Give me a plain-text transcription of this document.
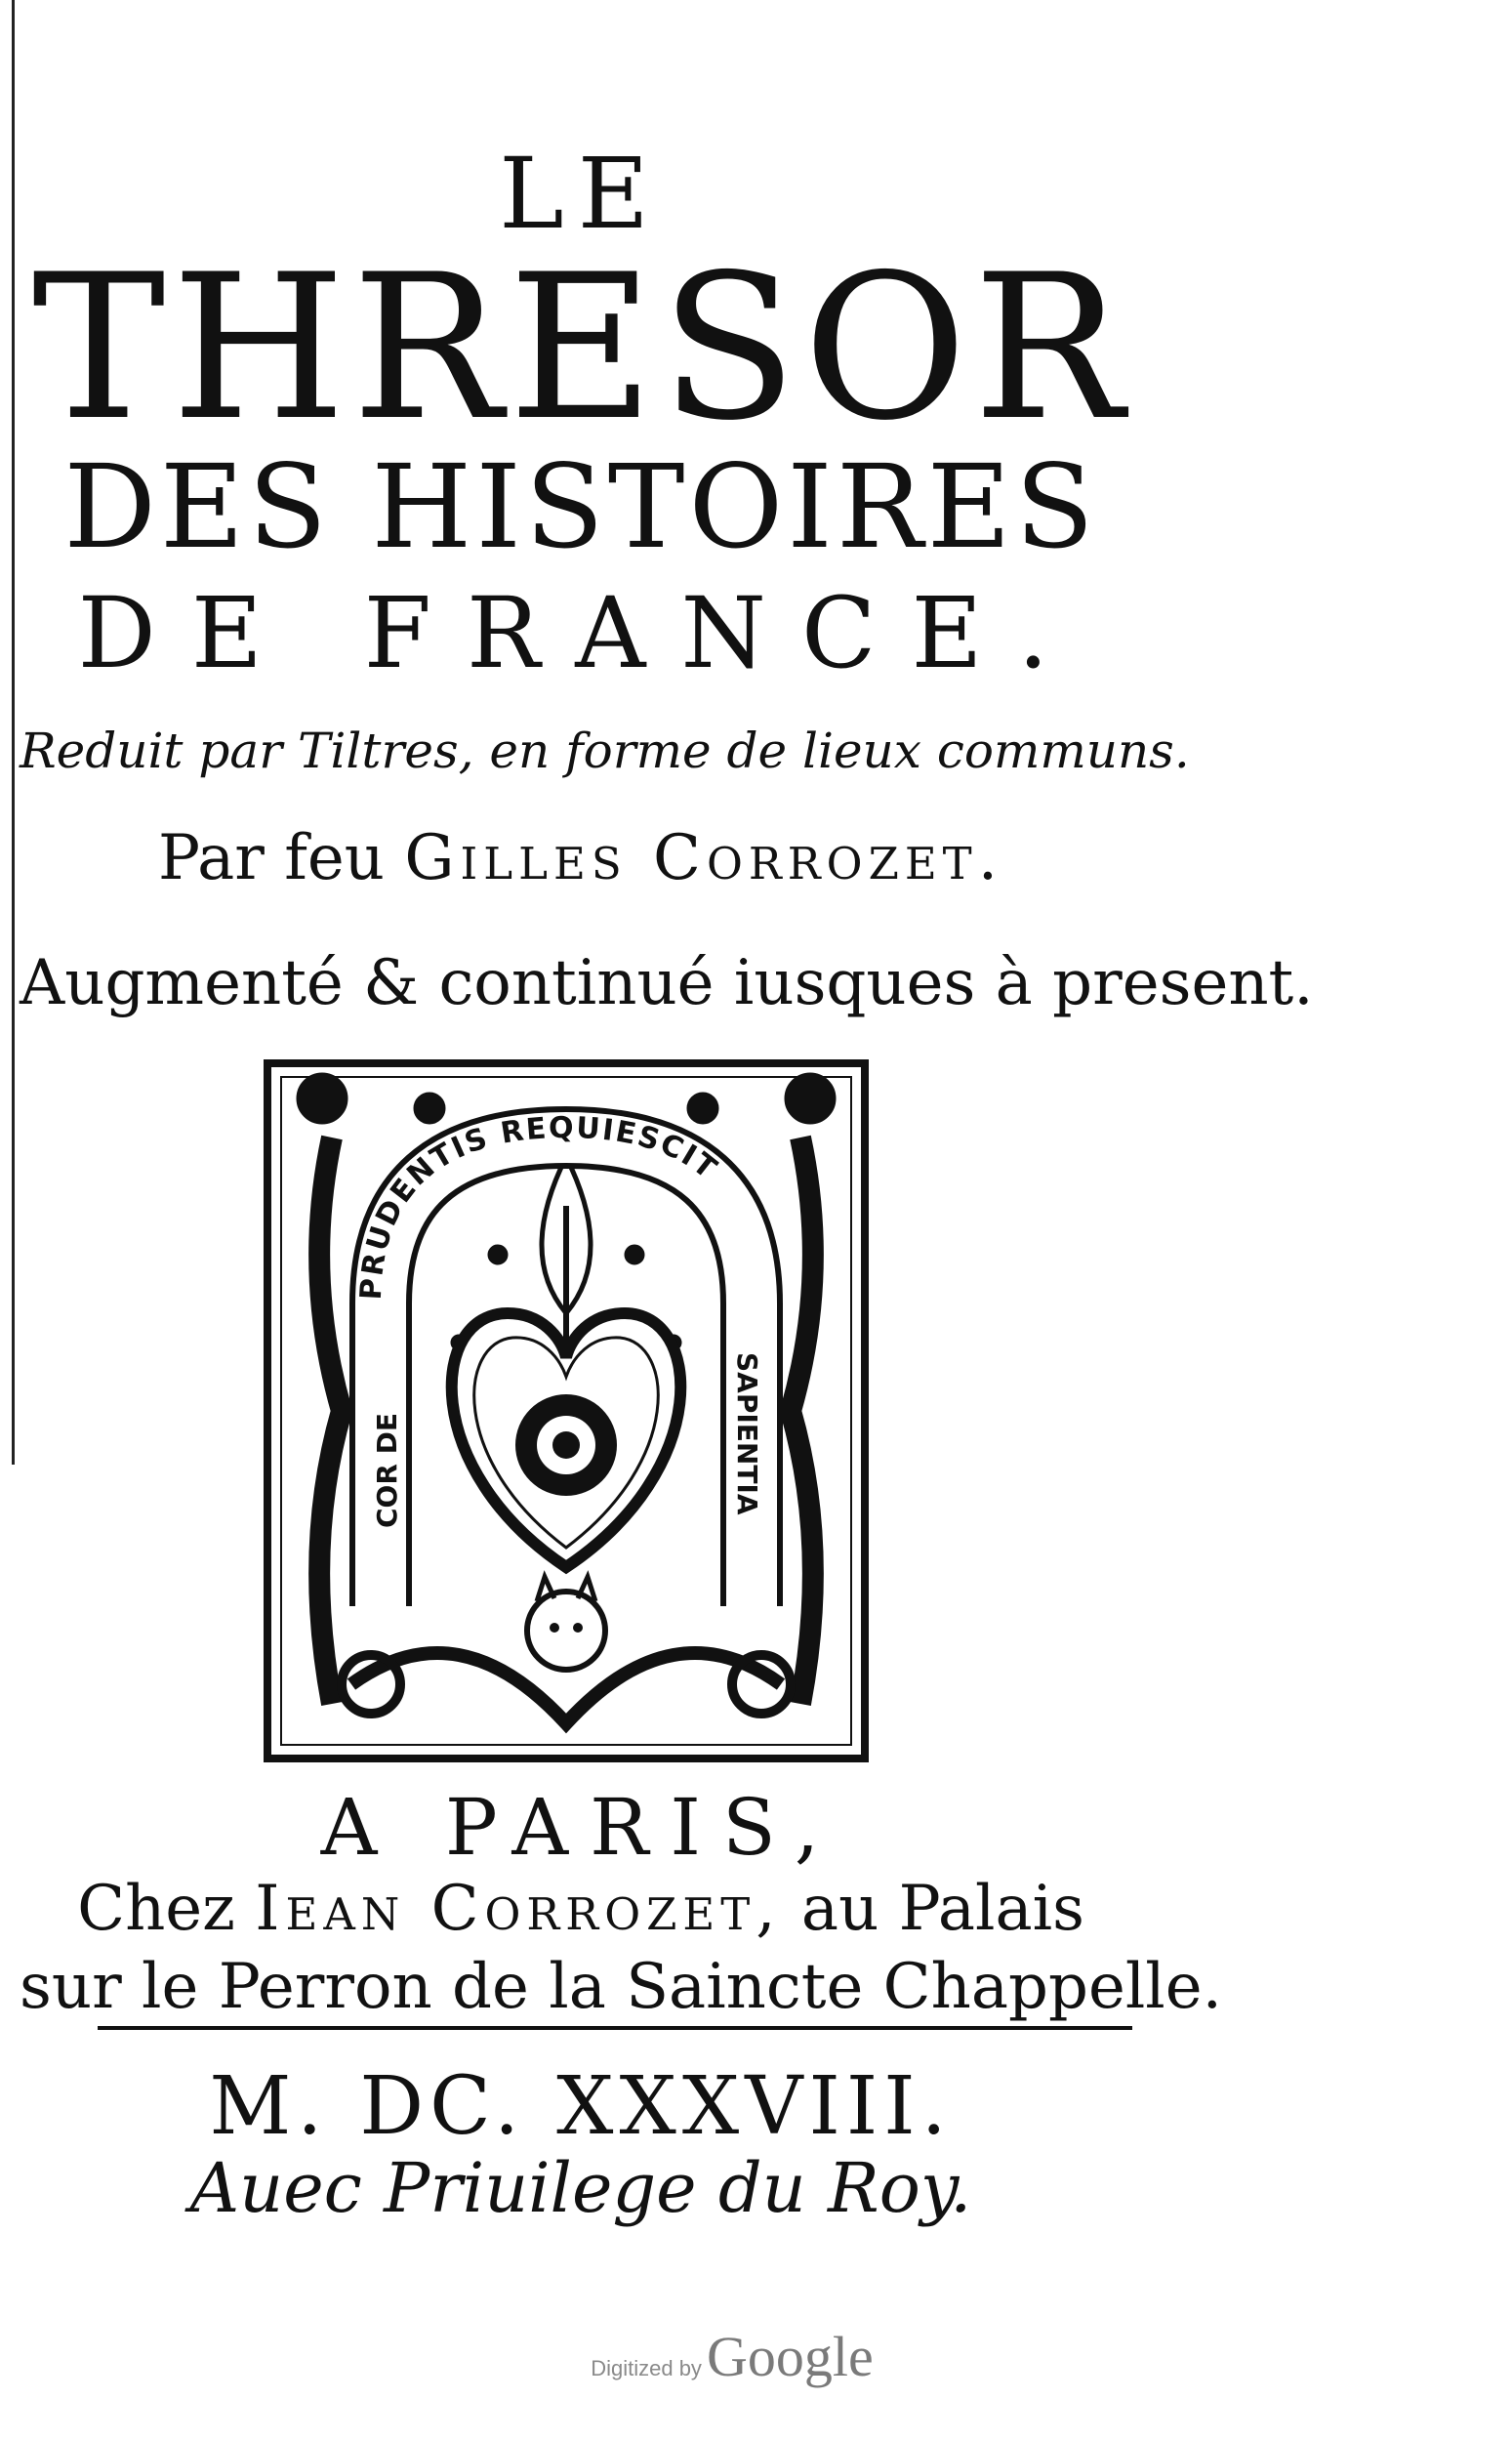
LE
THRESOR
DES HISTOIRES
DE FRANCE.
Reduit par Tiltres, en forme de lieux communs.
Par feu Gilles Corrozet.
Augmenté & continué iusques à present.
PRUDENTIS REQUIESCIT
COR DE	SAPIENTIA
A PARIS,
Chez Iean Corrozet, au Palais
sur le Perron de la Saincte Chappelle.
M. DC. XXXVIII.
Auec Priuilege du Roy.
Digitized by Google
